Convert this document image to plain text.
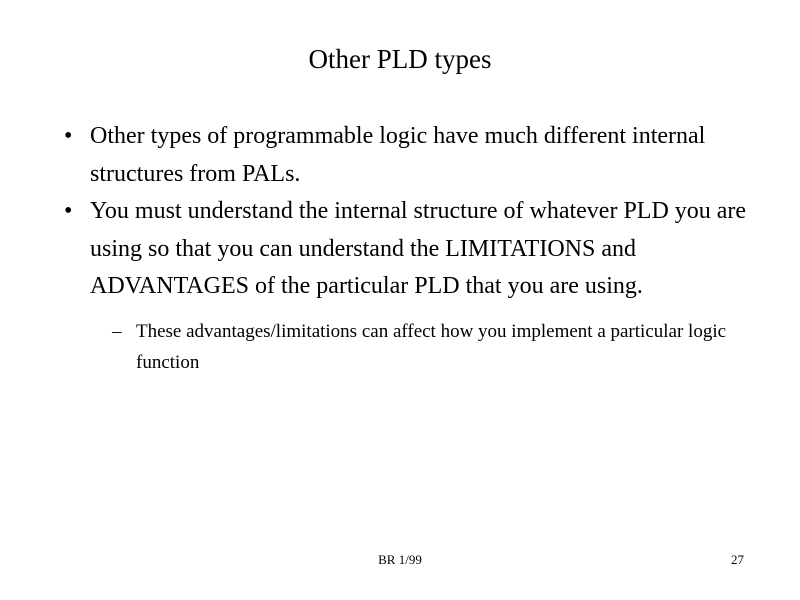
Other PLD types
• Other types of programmable logic have much different internal structures from PALs.
• You must understand the internal structure of whatever PLD you are using so that you can understand the LIMITATIONS and ADVANTAGES of the particular PLD that you are using.
– These advantages/limitations can affect how you implement a particular logic function
BR 1/99	27
